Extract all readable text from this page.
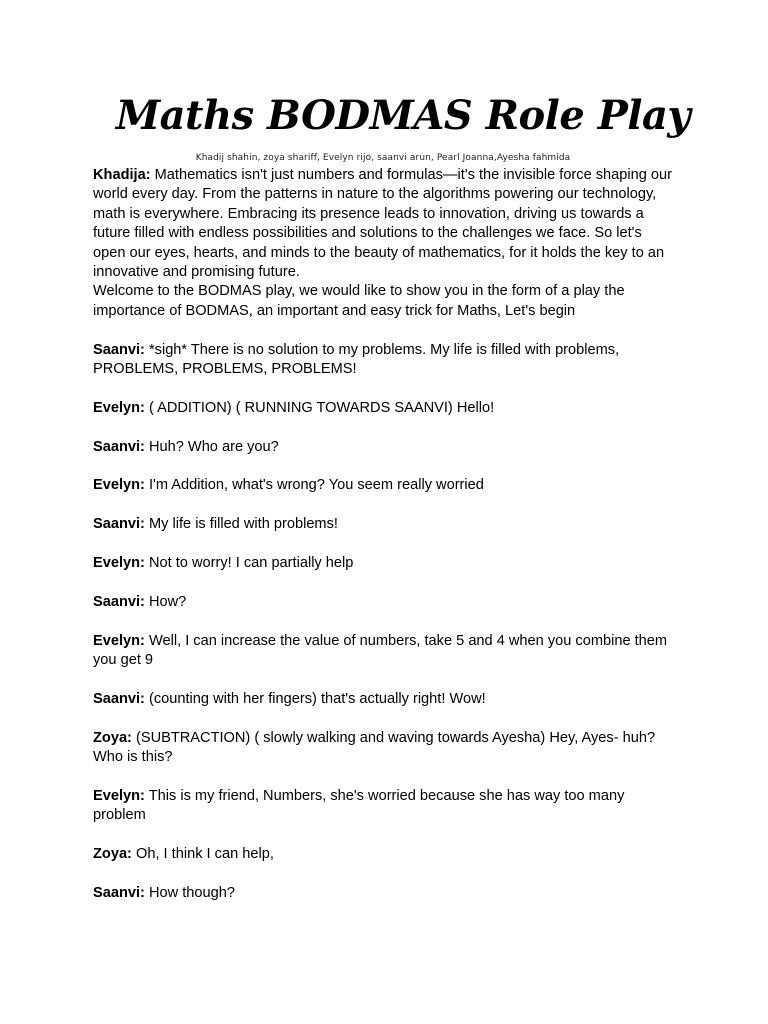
Maths BODMAS Role Play

Khadij shahin, zoya shariff, Evelyn rijo, saanvi arun, Pearl Joanna,Ayesha fahmida

Khadija: Mathematics isn't just numbers and formulas—it's the invisible force shaping our world every day. From the patterns in nature to the algorithms powering our technology, math is everywhere. Embracing its presence leads to innovation, driving us towards a future filled with endless possibilities and solutions to the challenges we face. So let's open our eyes, hearts, and minds to the beauty of mathematics, for it holds the key to an innovative and promising future.

Welcome to the BODMAS play, we would like to show you in the form of a play the importance of BODMAS, an important and easy trick for Maths, Let's begin

Saanvi: *sigh* There is no solution to my problems. My life is filled with problems, PROBLEMS, PROBLEMS, PROBLEMS!

Evelyn: ( ADDITION) ( RUNNING TOWARDS SAANVI) Hello!

Saanvi: Huh? Who are you?

Evelyn: I'm Addition, what's wrong? You seem really worried

Saanvi: My life is filled with problems!

Evelyn: Not to worry! I can partially help

Saanvi: How?

Evelyn: Well, I can increase the value of numbers, take 5 and 4 when you combine them you get 9

Saanvi: (counting with her fingers) that's actually right! Wow!

Zoya: (SUBTRACTION) ( slowly walking and waving towards Ayesha) Hey, Ayes- huh? Who is this?

Evelyn: This is my friend, Numbers, she's worried because she has way too many problem

Zoya: Oh, I think I can help,

Saanvi: How though?
